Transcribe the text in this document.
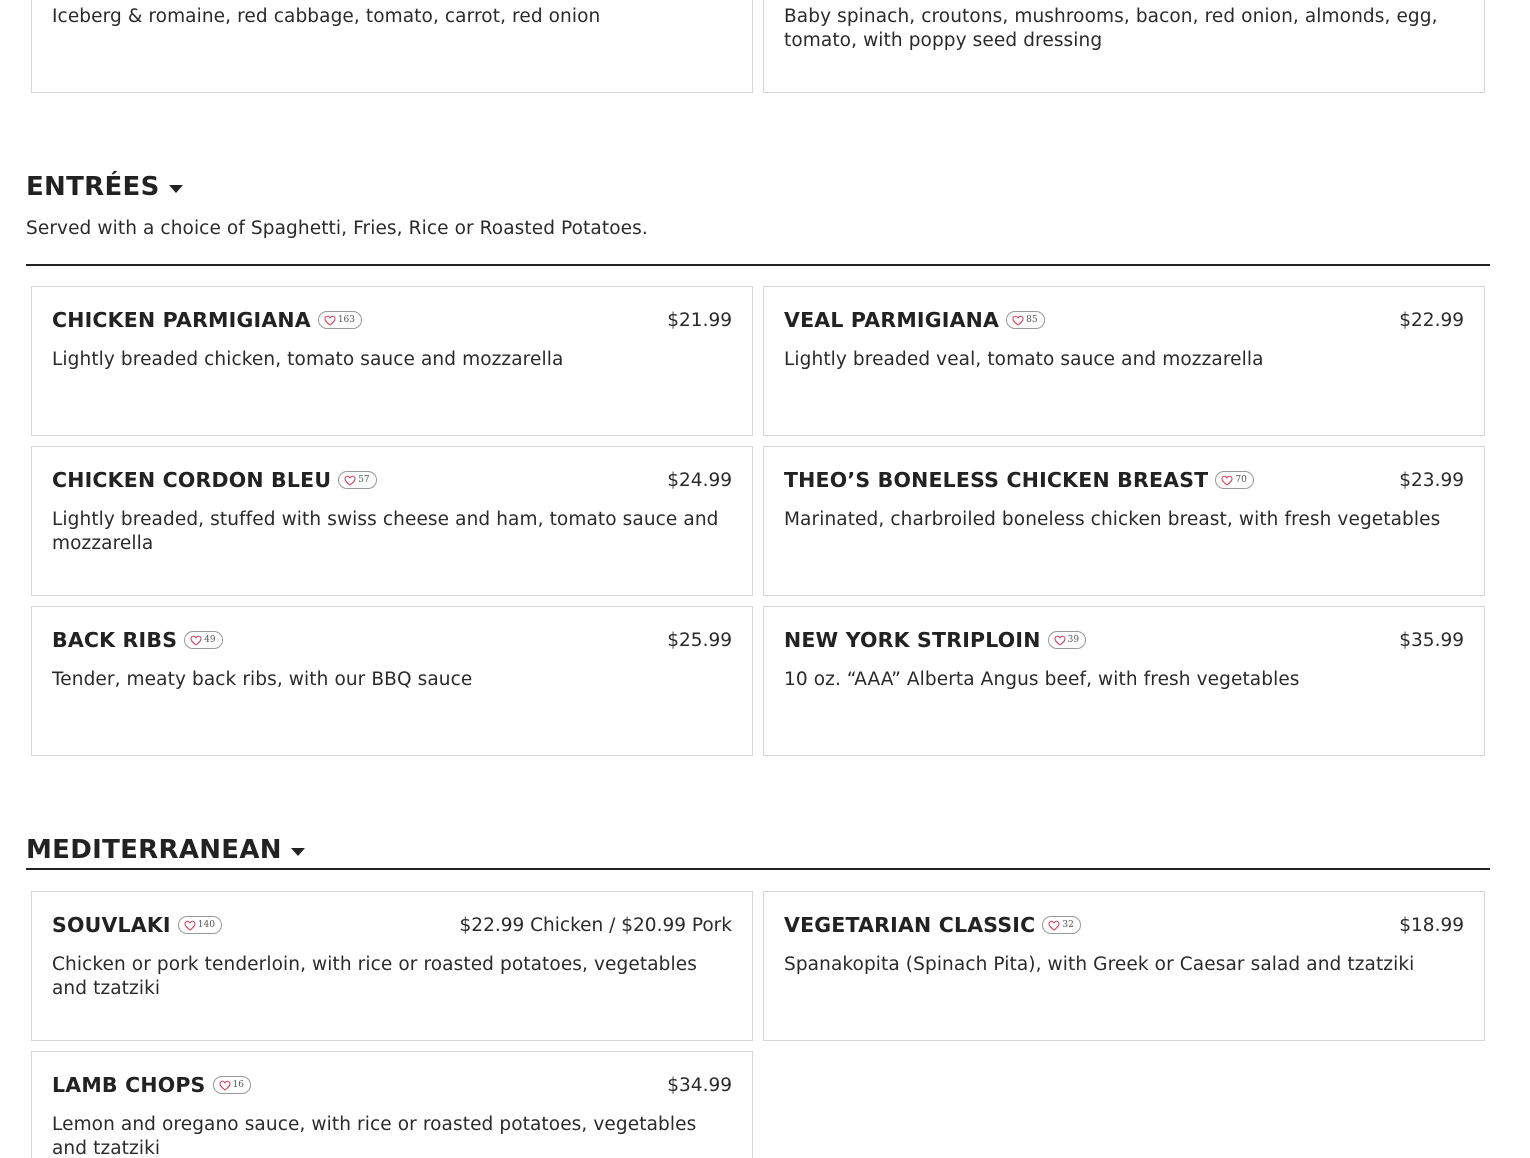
Iceberg & romaine, red cabbage, tomato, carrot, red onion	Baby spinach, croutons, mushrooms, bacon, red onion, almonds, egg, tomato, with poppy seed dressing
ENTRÉES
Served with a choice of Spaghetti, Fries, Rice or Roasted Potatoes.
CHICKEN PARMIGIANA	163	$21.99
Lightly breaded chicken, tomato sauce and mozzarella
VEAL PARMIGIANA	85	$22.99
Lightly breaded veal, tomato sauce and mozzarella
CHICKEN CORDON BLEU	57	$24.99
Lightly breaded, stuffed with swiss cheese and ham, tomato sauce and mozzarella
THEO’S BONELESS CHICKEN BREAST	70	$23.99
Marinated, charbroiled boneless chicken breast, with fresh vegetables
BACK RIBS	49	$25.99
Tender, meaty back ribs, with our BBQ sauce
NEW YORK STRIPLOIN	39	$35.99
10 oz. “AAA” Alberta Angus beef, with fresh vegetables
MEDITERRANEAN
SOUVLAKI	140	$22.99 Chicken / $20.99 Pork
Chicken or pork tenderloin, with rice or roasted potatoes, vegetables and tzatziki
VEGETARIAN CLASSIC	32	$18.99
Spanakopita (Spinach Pita), with Greek or Caesar salad and tzatziki
LAMB CHOPS	16	$34.99
Lemon and oregano sauce, with rice or roasted potatoes, vegetables and tzatziki
